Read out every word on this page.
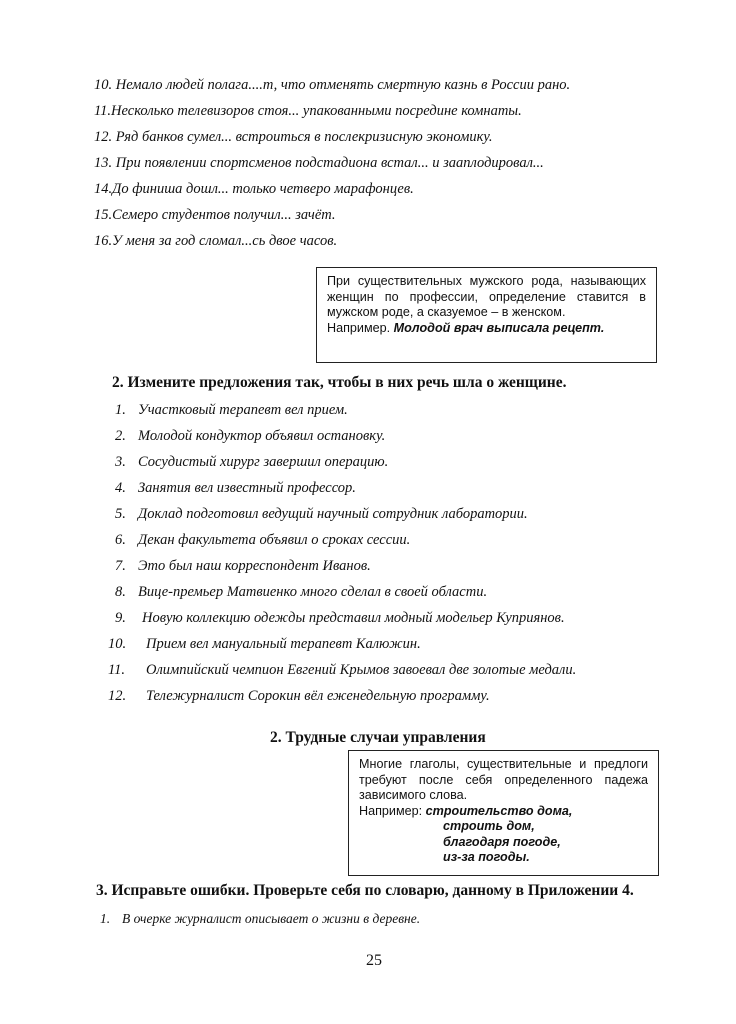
10. Немало людей полага....т, что отменять смертную казнь в России рано.
11.Несколько телевизоров стоя... упакованными посредине комнаты.
12. Ряд банков сумел... встроиться в послекризисную экономику.
13. При появлении спортсменов подстадиона встал... и зааплодировал...
14.До финиша дошл... только четверо марафонцев.
15.Семеро студентов получил... зачёт.
16.У меня за год сломал...сь двое часов.
При существительных мужского рода, называющих женщин по профессии, определение ставится в мужском роде, а сказуемое – в женском.
Например. Молодой врач выписала рецепт.
2. Измените предложения так, чтобы в них речь шла о женщине.
1. Участковый терапевт вел прием.
2. Молодой кондуктор объявил остановку.
3. Сосудистый хирург завершил операцию.
4. Занятия вел известный профессор.
5. Доклад подготовил ведущий научный сотрудник лаборатории.
6. Декан факультета объявил о сроках сессии.
7. Это был наш корреспондент Иванов.
8. Вице-премьер Матвиенко много сделал в своей области.
9. Новую коллекцию одежды представил модный модельер Куприянов.
10. Прием вел мануальный терапевт Калюжин.
11. Олимпийский чемпион Евгений Крымов завоевал две золотые медали.
12. Тележурналист Сорокин вёл еженедельную программу.
2. Трудные случаи управления
Многие глаголы, существительные и предлоги требуют после себя определенного падежа зависимого слова.
Например: строительство дома,
строить дом,
благодаря погоде,
из-за погоды.
3. Исправьте ошибки. Проверьте себя по словарю, данному в Приложении 4.
1. В очерке журналист описывает о жизни в деревне.
25
